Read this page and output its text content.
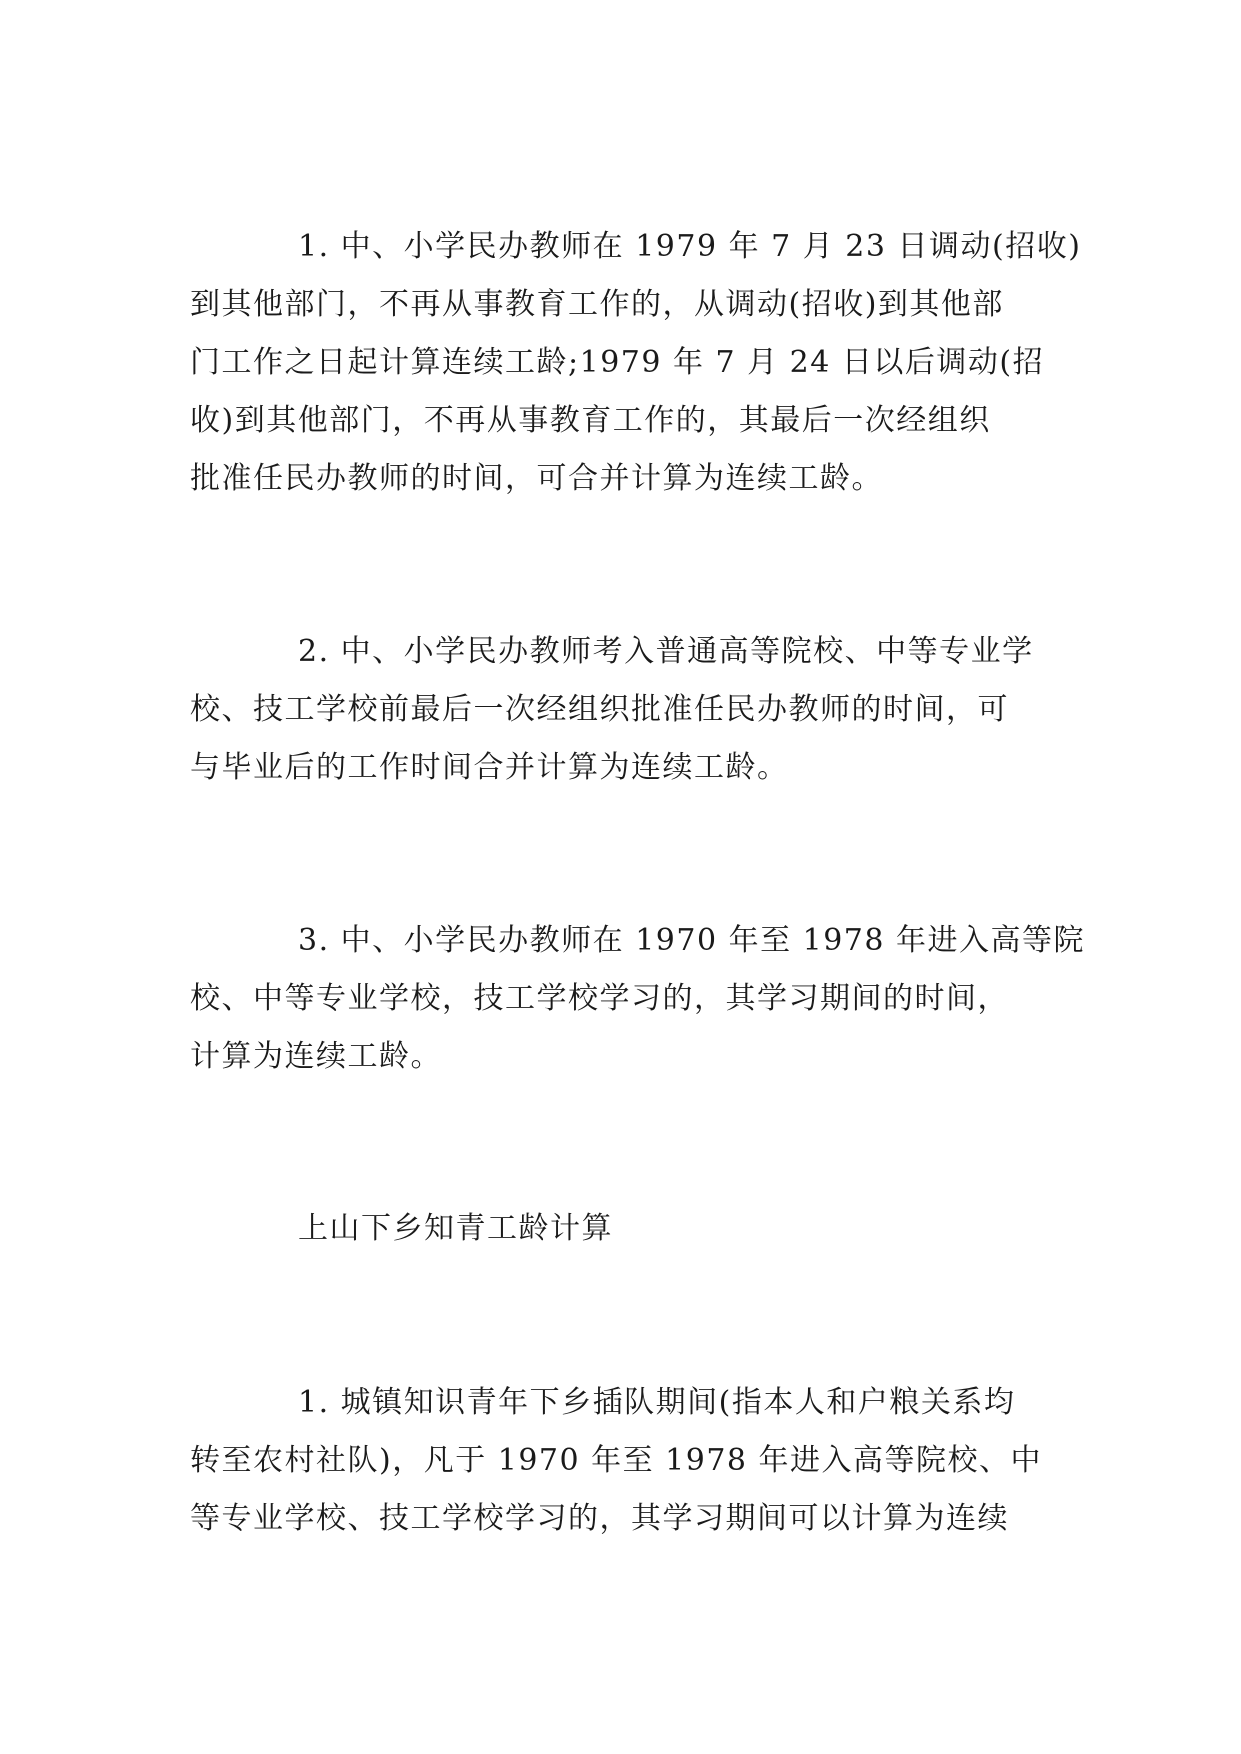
1. 中、小学民办教师在 1979 年 7 月 23 日调动(招收)
到其他部门，不再从事教育工作的，从调动(招收)到其他部
门工作之日起计算连续工龄;1979 年 7 月 24 日以后调动(招
收)到其他部门，不再从事教育工作的，其最后一次经组织
批准任民办教师的时间，可合并计算为连续工龄。
2. 中、小学民办教师考入普通高等院校、中等专业学
校、技工学校前最后一次经组织批准任民办教师的时间，可
与毕业后的工作时间合并计算为连续工龄。
3. 中、小学民办教师在 1970 年至 1978 年进入高等院
校、中等专业学校，技工学校学习的，其学习期间的时间，
计算为连续工龄。
上山下乡知青工龄计算
1. 城镇知识青年下乡插队期间(指本人和户粮关系均
转至农村社队)，凡于 1970 年至 1978 年进入高等院校、中
等专业学校、技工学校学习的，其学习期间可以计算为连续
